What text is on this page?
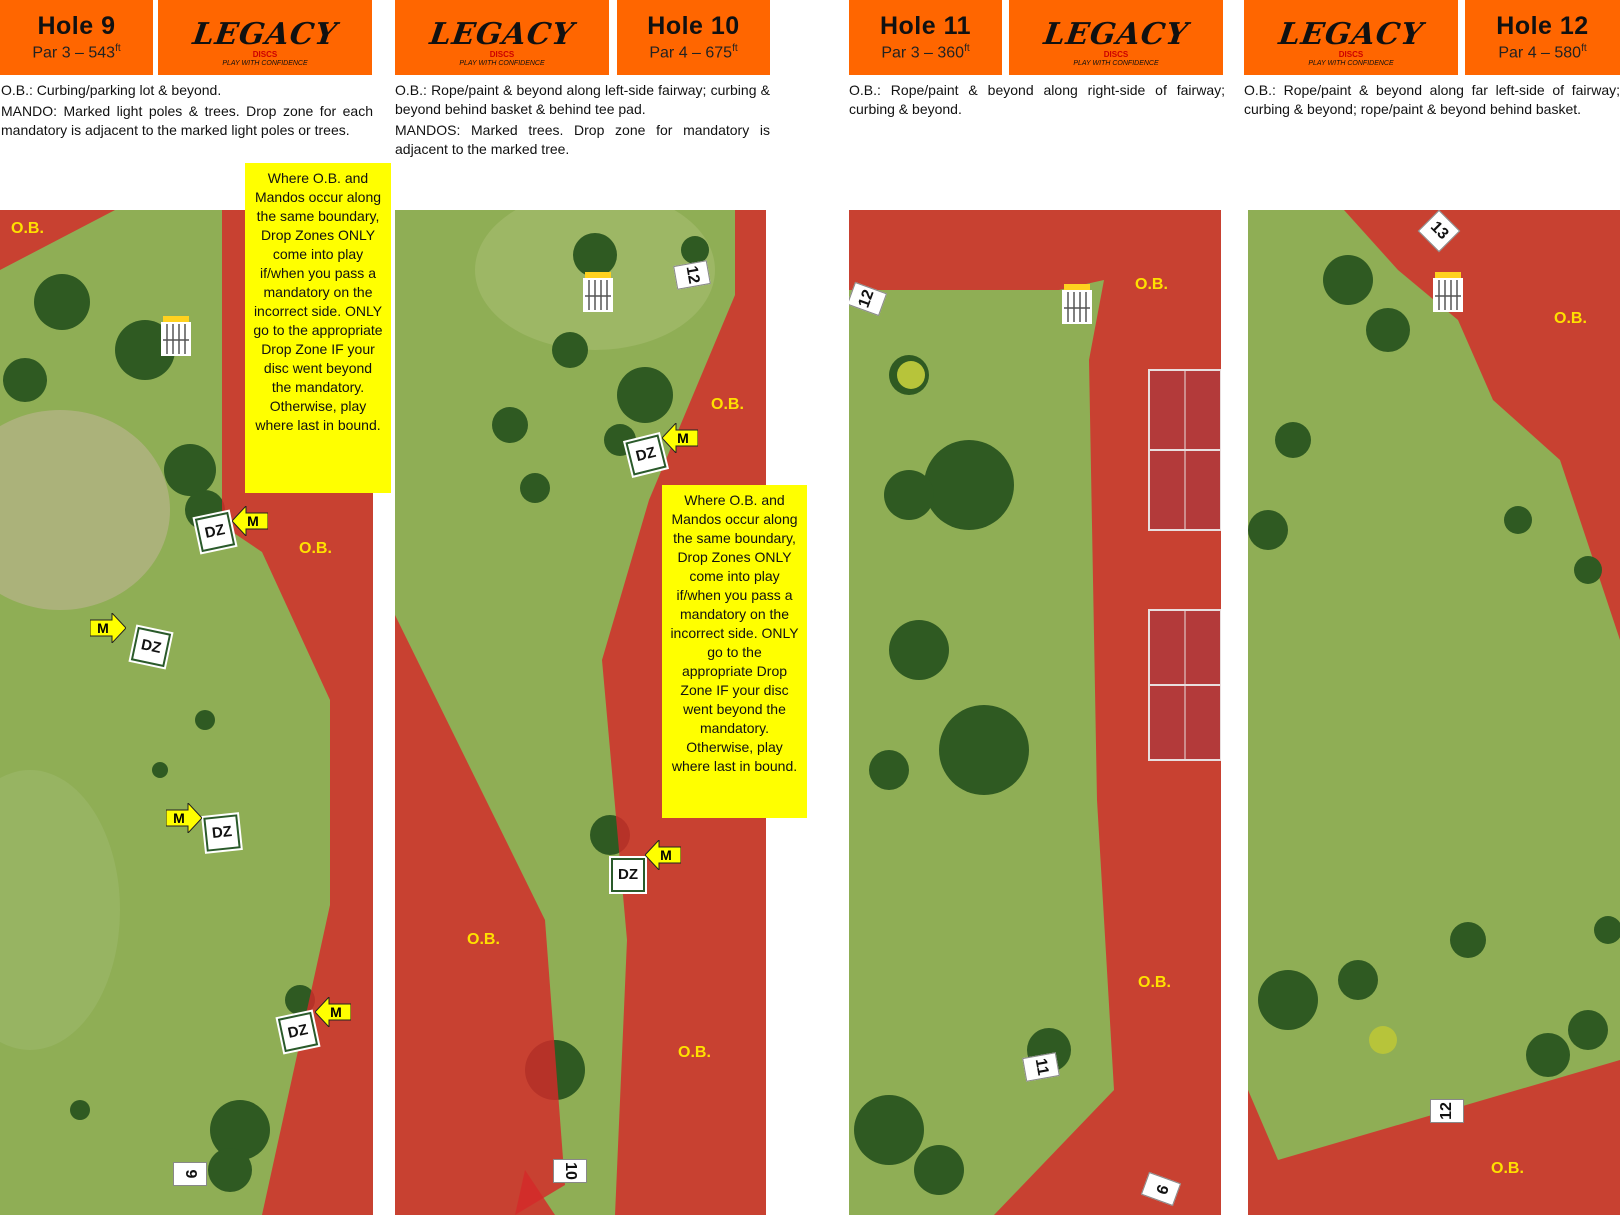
Hole 9
Par $3 - 543^{ft}$	LEGACY
DISCS
PLAY WITH CONFIDENCE
LEGACY
DISCS
PLAY WITH CONFIDENCE
Hole 10
Par $4 - 675^{ft}$
Hole 11
Par $3 - 360^{ft}$	LEGACY
DISCS
PLAY WITH CONFIDENCE
LEGACY
DISCS
PLAY WITH CONFIDENCE
Hole 12
Par $4 - 580^{ft}$

O.B.: Curbing/parking lot & beyond.

MANDO: Marked light poles & trees. Drop zone for each mandatory is adjacent to the marked light poles or trees.

O.B.: Rope/paint & beyond along left-side fairway; curbing & beyond behind basket & behind tee pad.

MANDOS: Marked trees. Drop zone for mandatory is adjacent to the marked tree.

O.B.: Rope/paint & beyond along right-side of fairway; curbing & beyond.

O.B.: Rope/paint & beyond along far left-side of fairway; curbing & beyond; rope/paint & beyond behind basket.

O.B.
O.B.
DZ
M
DZ
M
DZ
M
DZ
M
9
O.B.
O.B.
O.B.
12
DZ
M
DZ
M
10
O.B.
O.B.
12
11
9
O.B.
O.B.
13
12
Where O.B. and Mandos occur along the same boundary, Drop Zones ONLY come into play if/when you pass a mandatory on the incorrect side. ONLY go to the appropriate Drop Zone IF your disc went beyond the mandatory. Otherwise, play where last in bound.
Where O.B. and Mandos occur along the same boundary, Drop Zones ONLY come into play if/when you pass a mandatory on the incorrect side. ONLY go to the appropriate Drop Zone IF your disc went beyond the mandatory. Otherwise, play where last in bound.
